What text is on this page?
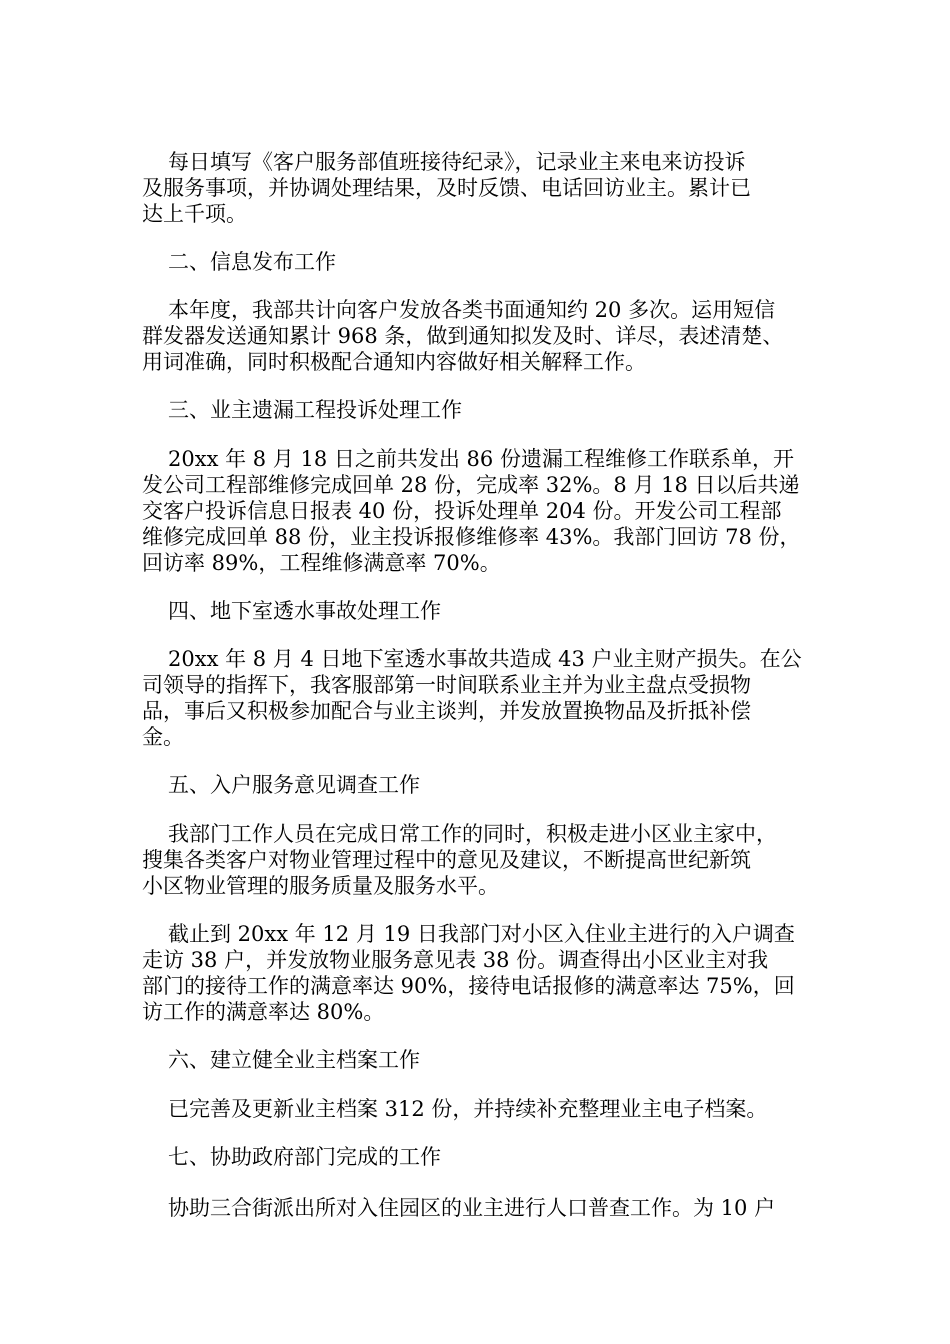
每日填写《客户服务部值班接待纪录》，记录业主来电来访投诉
及服务事项，并协调处理结果，及时反馈、电话回访业主。累计已
达上千项。
二、信息发布工作
本年度，我部共计向客户发放各类书面通知约 20 多次。运用短信
群发器发送通知累计 968 条，做到通知拟发及时、详尽，表述清楚、
用词准确，同时积极配合通知内容做好相关解释工作。
三、业主遗漏工程投诉处理工作
20xx 年 8 月 18 日之前共发出 86 份遗漏工程维修工作联系单，开
发公司工程部维修完成回单 28 份，完成率 32%。8 月 18 日以后共递
交客户投诉信息日报表 40 份，投诉处理单 204 份。开发公司工程部
维修完成回单 88 份，业主投诉报修维修率 43%。我部门回访 78 份，
回访率 89%，工程维修满意率 70%。
四、地下室透水事故处理工作
20xx 年 8 月 4 日地下室透水事故共造成 43 户业主财产损失。在公
司领导的指挥下，我客服部第一时间联系业主并为业主盘点受损物
品，事后又积极参加配合与业主谈判，并发放置换物品及折抵补偿
金。
五、入户服务意见调查工作
我部门工作人员在完成日常工作的同时，积极走进小区业主家中，
搜集各类客户对物业管理过程中的意见及建议，不断提高世纪新筑
小区物业管理的服务质量及服务水平。
截止到 20xx 年 12 月 19 日我部门对小区入住业主进行的入户调查
走访 38 户，并发放物业服务意见表 38 份。调查得出小区业主对我
部门的接待工作的满意率达 90%，接待电话报修的满意率达 75%，回
访工作的满意率达 80%。
六、建立健全业主档案工作
已完善及更新业主档案 312 份，并持续补充整理业主电子档案。
七、协助政府部门完成的工作
协助三合街派出所对入住园区的业主进行人口普查工作。为 10 户
